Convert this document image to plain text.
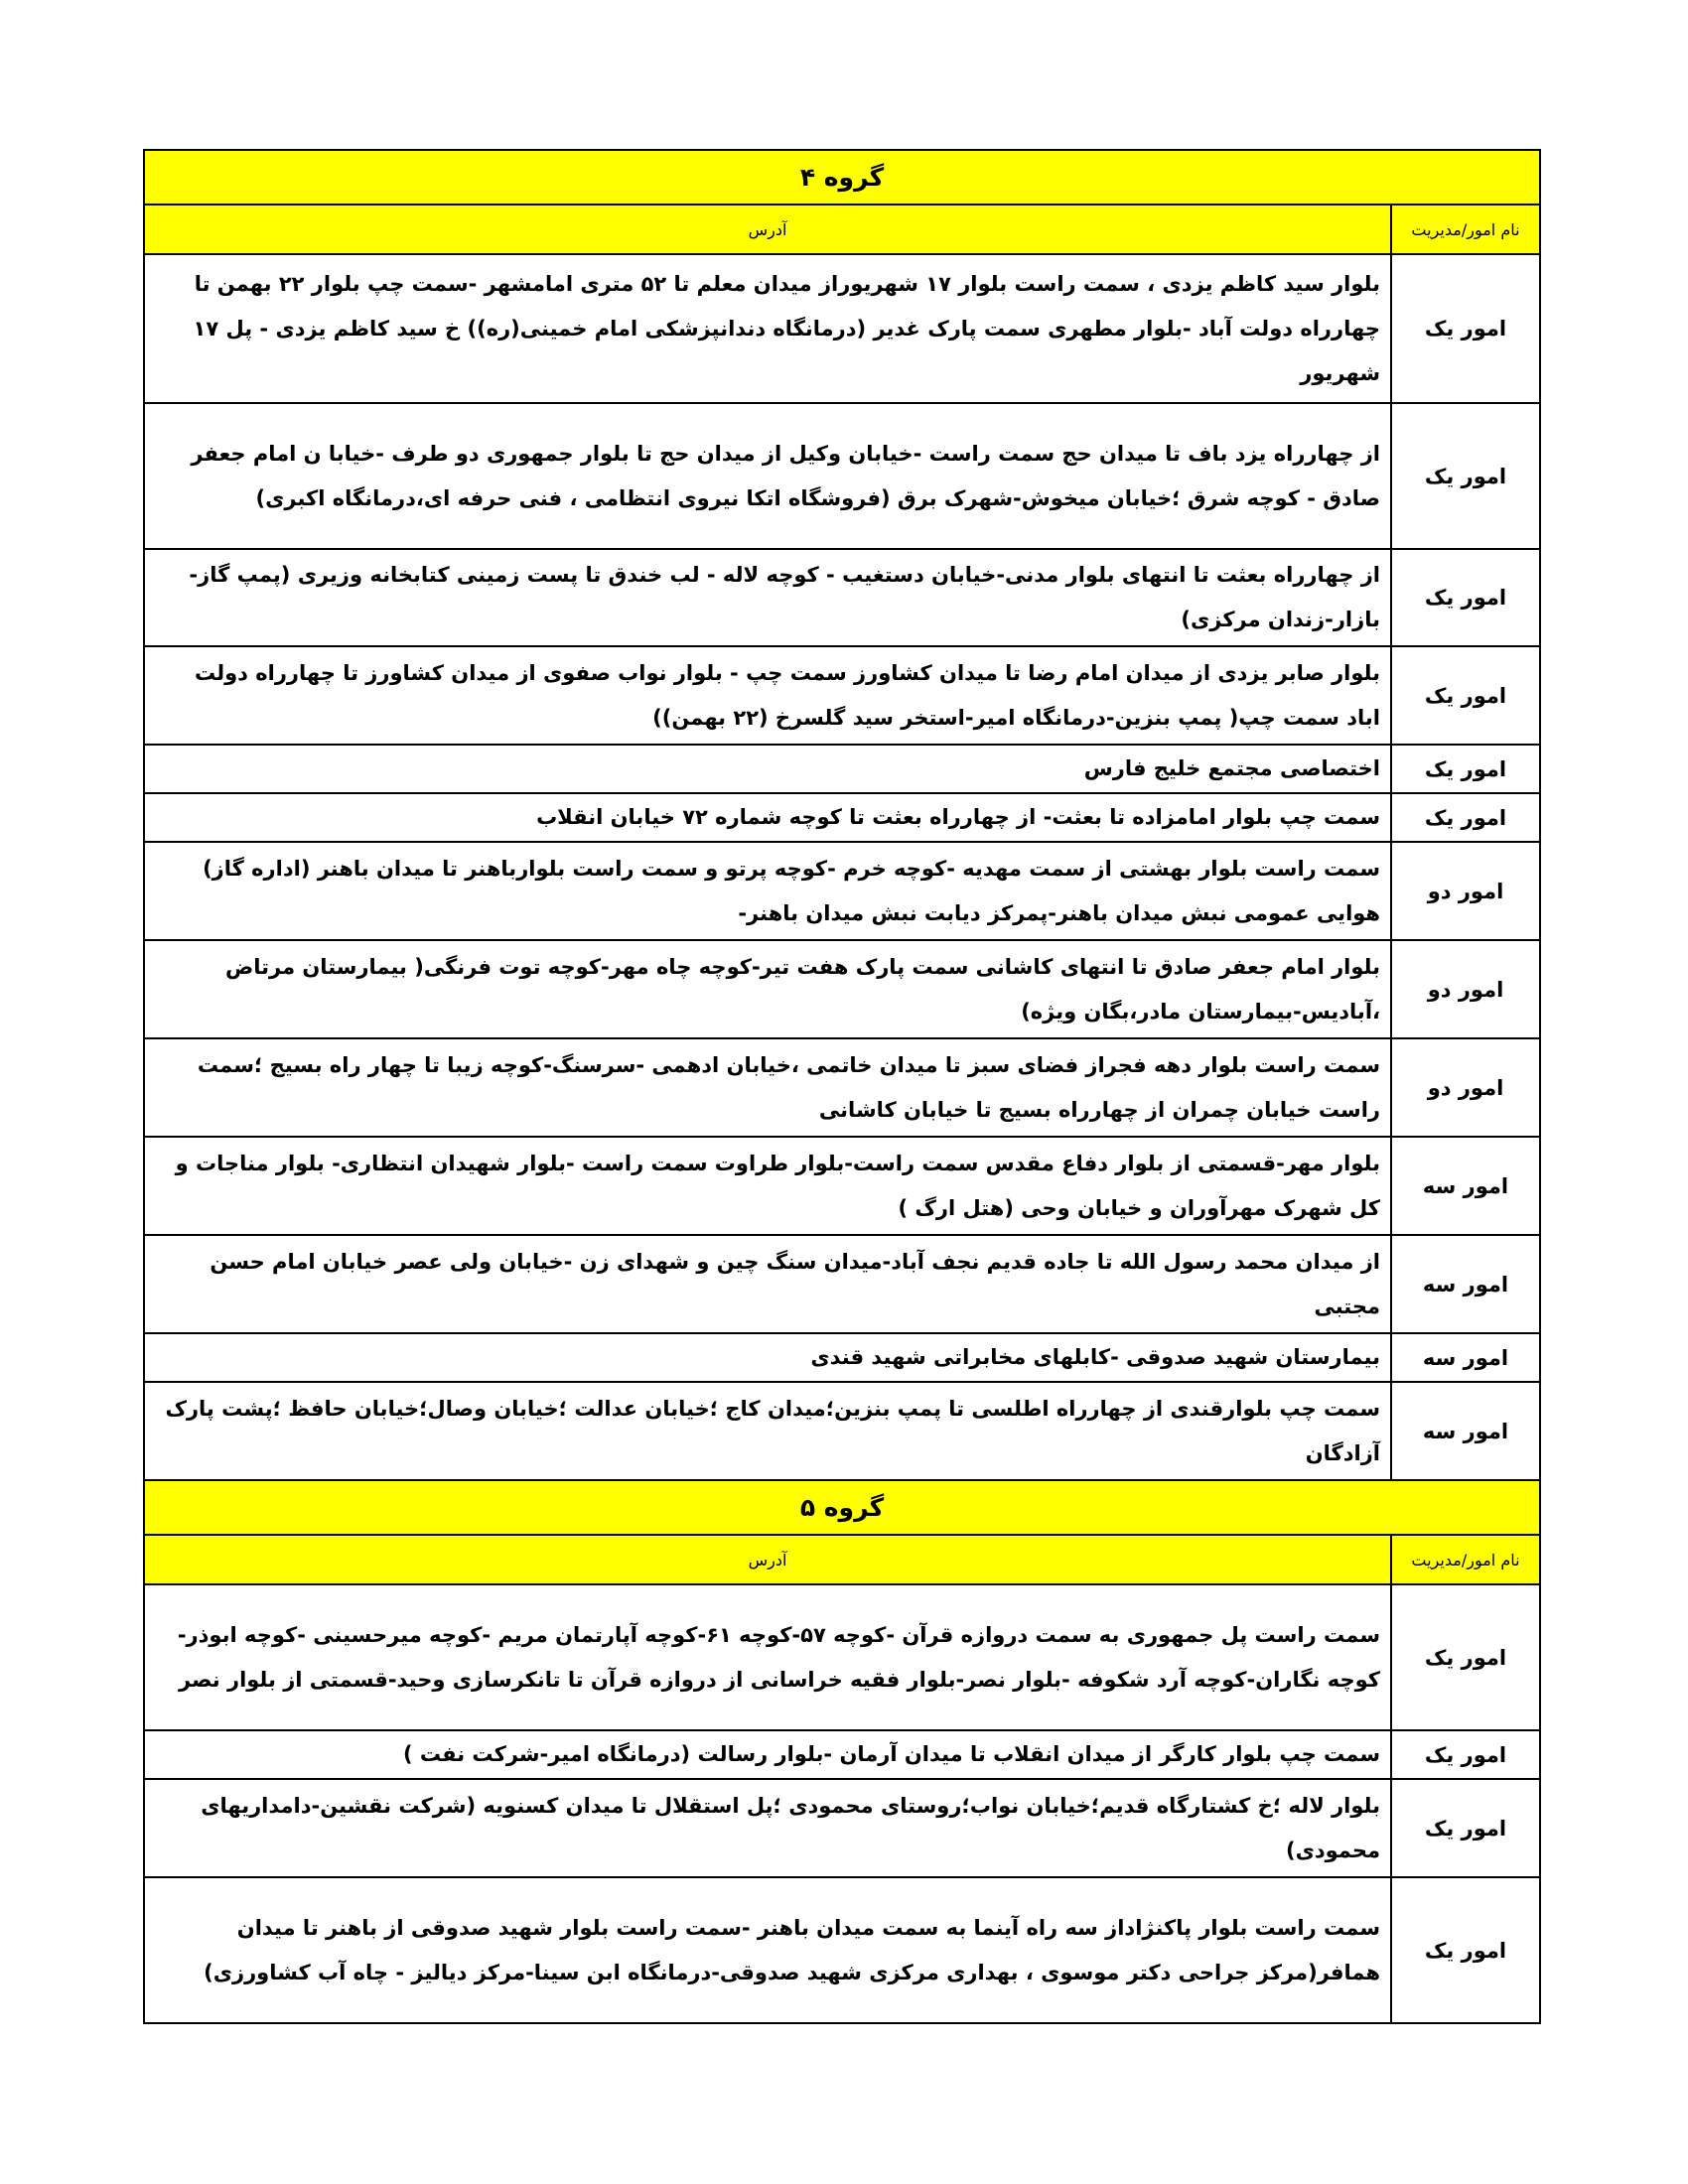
گروه ۴	
نام امور/مدیریت	آدرس
امور یک	بلوار سید کاظم یزدی ، سمت راست بلوار ۱۷ شهریوراز میدان معلم تا ۵۲ متری امامشهر -سمت چپ بلوار ۲۲ بهمن تا چهارراه دولت آباد -بلوار مطهری سمت پارک غدیر (درمانگاه دندانپزشکی امام خمینی(ره)) خ سید کاظم یزدی - پل ۱۷ شهریور
امور یک	از چهارراه یزد باف تا میدان حج سمت راست -خیابان وکیل از میدان حج تا بلوار جمهوری دو طرف -خیابا ن امام جعفر صادق - کوچه شرق ؛خیابان میخوش-شهرک برق (فروشگاه اتکا نیروی انتظامی ، فنی حرفه ای،درمانگاه اکبری)
امور یک	از چهارراه بعثت تا انتهای بلوار مدنی-خیابان دستغیب - کوچه لاله - لب خندق تا پست زمینی کتابخانه وزیری (پمپ گاز-بازار-زندان مرکزی)
امور یک	بلوار صابر یزدی از میدان امام رضا تا میدان کشاورز سمت چپ - بلوار نواب صفوی از میدان کشاورز تا چهارراه دولت اباد سمت چپ( پمپ بنزین-درمانگاه امیر-استخر سید گلسرخ (۲۲ بهمن))
امور یک	اختصاصی مجتمع خلیج فارس
امور یک	سمت چپ بلوار امامزاده تا بعثت- از چهارراه بعثت تا کوچه شماره ۷۲ خیابان انقلاب
امور دو	سمت راست بلوار بهشتی از سمت مهدیه -کوچه خرم -کوچه پرتو و سمت راست بلوارباهنر تا میدان باهنر (اداره گاز) هوایی عمومی نبش میدان باهنر-پمرکز دیابت نبش میدان باهنر-
امور دو	بلوار امام جعفر صادق تا انتهای کاشانی سمت پارک هفت تیر-کوچه چاه مهر-کوچه توت فرنگی( بیمارستان مرتاض ،آبادیس-بیمارستان مادر،بگان ویژه)
امور دو	سمت راست بلوار دهه فجراز فضای سبز تا میدان خاتمی ،خیابان ادهمی -سرسنگ-کوچه زیبا تا چهار راه بسیج ؛سمت راست خیابان چمران از چهارراه بسیج تا خیابان کاشانی
امور سه	بلوار مهر-قسمتی از بلوار دفاع مقدس سمت راست-بلوار طراوت سمت راست -بلوار شهیدان انتظاری- بلوار مناجات و کل شهرک مهرآوران و خیابان وحی (هتل ارگ )
امور سه	از میدان محمد رسول الله تا جاده قدیم نجف آباد-میدان سنگ چین و شهدای زن -خیابان ولی عصر خیابان امام حسن مجتبی
امور سه	بیمارستان شهید صدوقی -کابلهای مخابراتی شهید قندی
امور سه	سمت چپ بلوارقندی از چهارراه اطلسی تا پمپ بنزین؛میدان کاج ؛خیابان عدالت ؛خیابان وصال؛خیابان حافظ ؛پشت پارک آزادگان
گروه ۵	
نام امور/مدیریت	آدرس
امور یک	سمت راست پل جمهوری به سمت دروازه قرآن -کوچه ۵۷-کوچه ۶۱-کوچه آپارتمان مریم -کوچه میرحسینی -کوچه ابوذر-کوچه نگاران-کوچه آرد شکوفه -بلوار نصر-بلوار فقیه خراسانی از دروازه قرآن تا تانکرسازی وحید-قسمتی از بلوار نصر
امور یک	سمت چپ بلوار کارگر از میدان انقلاب تا میدان آرمان -بلوار رسالت (درمانگاه امیر-شرکت نفت )
امور یک	بلوار لاله ؛خ کشتارگاه قدیم؛خیابان نواب؛روستای محمودی ؛پل استقلال تا میدان کسنویه (شرکت نقشین-دامداریهای محمودی)
امور یک	سمت راست بلوار پاکنژاداز سه راه آینما به سمت میدان باهنر -سمت راست بلوار شهید صدوقی از باهنر تا میدان همافر(مرکز جراحی دکتر موسوی ، بهداری مرکزی شهید صدوقی-درمانگاه ابن سینا-مرکز دیالیز - چاه آب کشاورزی)
